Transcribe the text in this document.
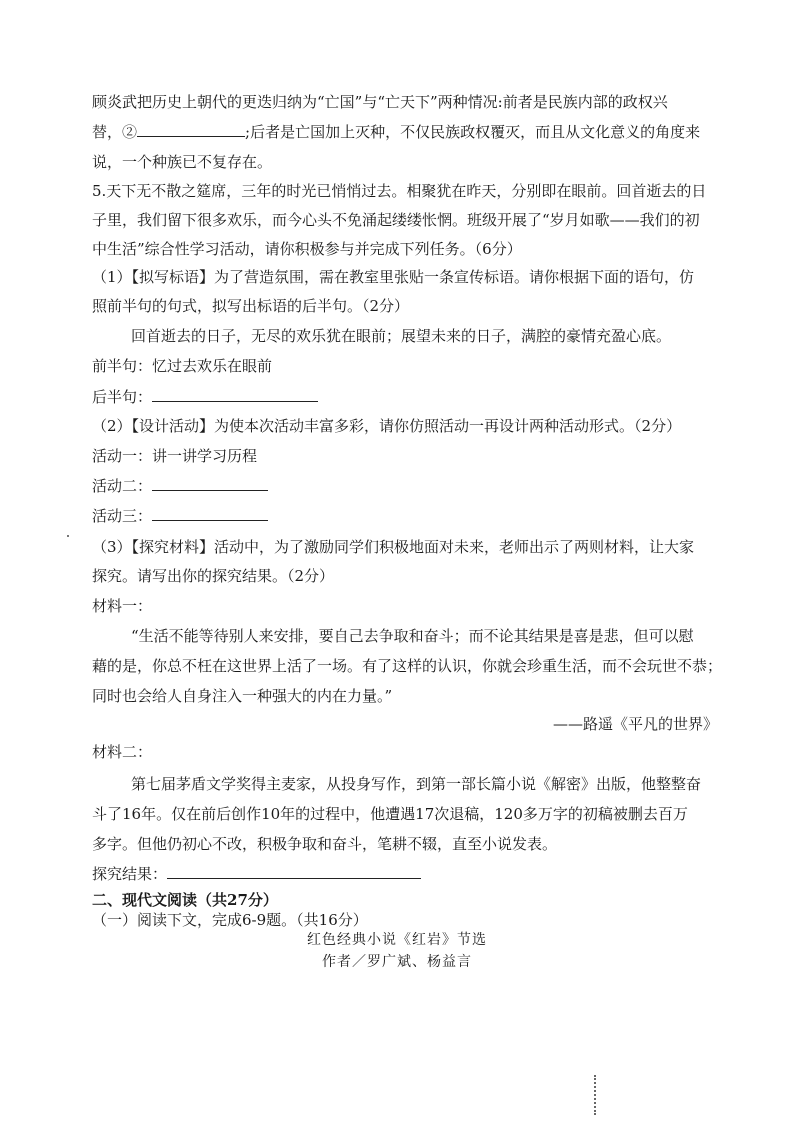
顾炎武把历史上朝代的更迭归纳为“亡国”与“亡天下”两种情况:前者是民族内部的政权兴
替，②	;后者是亡国加上灭种，不仅民族政权覆灭，而且从文化意义的角度来
说，一个种族已不复存在。
5.天下无不散之筵席，三年的时光已悄悄过去。相聚犹在昨天，分别即在眼前。回首逝去的日
子里，我们留下很多欢乐，而今心头不免涌起缕缕怅惘。班级开展了“岁月如歌——我们的初
中生活”综合性学习活动，请你积极参与并完成下列任务。（6分）
（1）【拟写标语】为了营造氛围，需在教室里张贴一条宣传标语。请你根据下面的语句，仿
照前半句的句式，拟写出标语的后半句。（2分）
回首逝去的日子，无尽的欢乐犹在眼前；展望未来的日子，满腔的豪情充盈心底。
前半句：忆过去欢乐在眼前
后半句：
（2）【设计活动】为使本次活动丰富多彩，请你仿照活动一再设计两种活动形式。（2分）
活动一：讲一讲学习历程
活动二：
活动三：
（3）【探究材料】活动中，为了激励同学们积极地面对未来，老师出示了两则材料，让大家
探究。请写出你的探究结果。（2分）
材料一：
“生活不能等待别人来安排，要自己去争取和奋斗；而不论其结果是喜是悲，但可以慰
藉的是，你总不枉在这世界上活了一场。有了这样的认识，你就会珍重生活，而不会玩世不恭；
同时也会给人自身注入一种强大的内在力量。”
——路遥《平凡的世界》
材料二：
第七届茅盾文学奖得主麦家，从投身写作，到第一部长篇小说《解密》出版，他整整奋
斗了16年。仅在前后创作10年的过程中，他遭遇17次退稿，120多万字的初稿被删去百万
多字。但他仍初心不改，积极争取和奋斗，笔耕不辍，直至小说发表。
探究结果：
二、现代文阅读（共27分）
（一）阅读下文，完成6-9题。（共16分）
红色经典小说《红岩》节选
作者／罗广斌、杨益言
